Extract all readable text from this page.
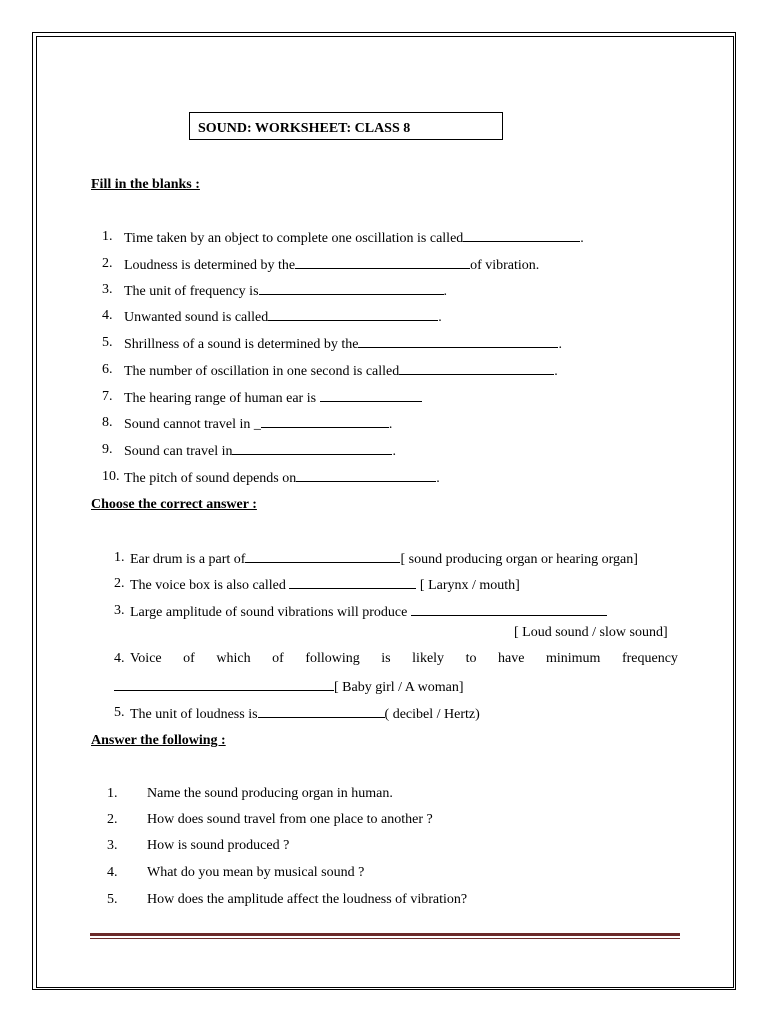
SOUND: WORKSHEET: CLASS 8
Fill in the blanks :
1. Time taken by an object to complete one oscillation is called	.
2. Loudness is determined by the	of vibration.
3. The unit of frequency is	.
4. Unwanted sound is called	.
5. Shrillness of a sound is determined by the	.
6. The number of oscillation in one second is called	.
7. The hearing range of human ear is
8. Sound cannot travel in _	.
9. Sound can travel in	.
10. The pitch of sound depends on	.
Choose the correct answer :
1. Ear drum is a part of	[ sound producing organ or hearing organ]
2. The voice box is also called	[ Larynx / mouth]
3. Large amplitude of sound vibrations will produce
[ Loud sound / slow sound]
4. Voice of which of following is likely to have minimum frequency
[ Baby girl / A woman]
5. The unit of loudness is	( decibel / Hertz)
Answer the following :
1. Name the sound producing organ in human.
2. How does sound travel from one place to another ?
3. How is sound produced ?
4. What do you mean by musical sound ?
5. How does the amplitude affect the loudness of vibration?
